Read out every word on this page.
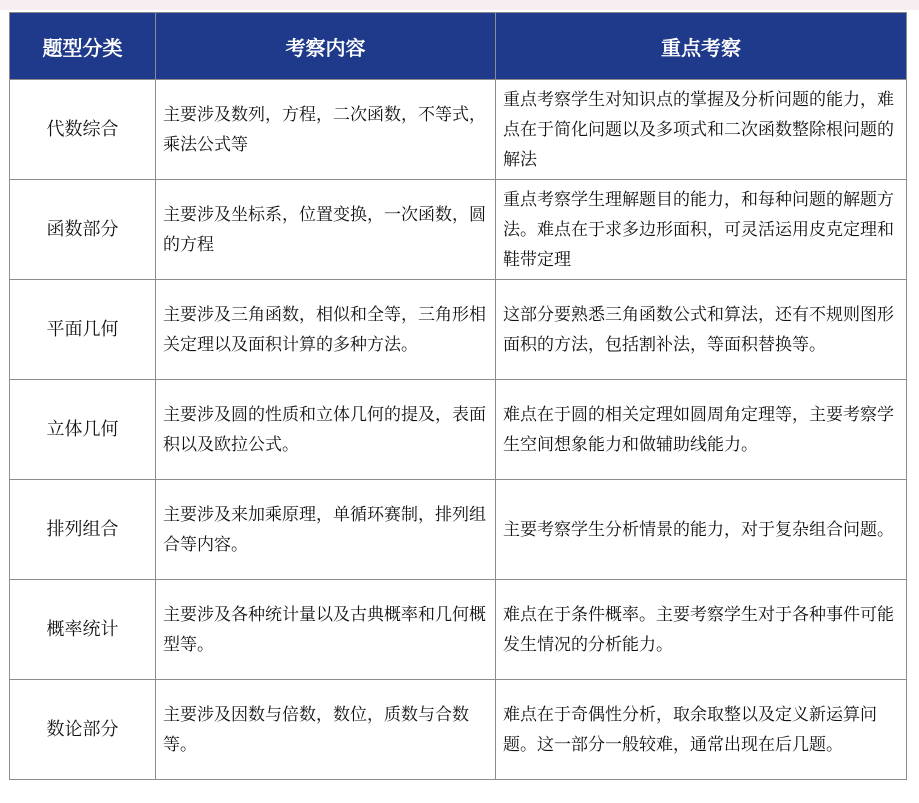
题型分类	考察内容	重点考察
代数综合	主要涉及数列，方程，二次函数，不等式，乘法公式等	重点考察学生对知识点的掌握及分析问题的能力，难点在于简化问题以及多项式和二次函数整除根问题的解法
函数部分	主要涉及坐标系，位置变换，一次函数，圆的方程	重点考察学生理解题目的能力，和每种问题的解题方法。难点在于求多边形面积，可灵活运用皮克定理和鞋带定理
平面几何	主要涉及三角函数，相似和全等，三角形相关定理以及面积计算的多种方法。	这部分要熟悉三角函数公式和算法，还有不规则图形面积的方法，包括割补法，等面积替换等。
立体几何	主要涉及圆的性质和立体几何的提及，表面积以及欧拉公式。	难点在于圆的相关定理如圆周角定理等，主要考察学生空间想象能力和做辅助线能力。
排列组合	主要涉及来加乘原理，单循环赛制，排列组合等内容。	主要考察学生分析情景的能力，对于复杂组合问题。
概率统计	主要涉及各种统计量以及古典概率和几何概型等。	难点在于条件概率。主要考察学生对于各种事件可能发生情况的分析能力。
数论部分	主要涉及因数与倍数，数位，质数与合数等。	难点在于奇偶性分析，取余取整以及定义新运算问题。这一部分一般较难，通常出现在后几题。
